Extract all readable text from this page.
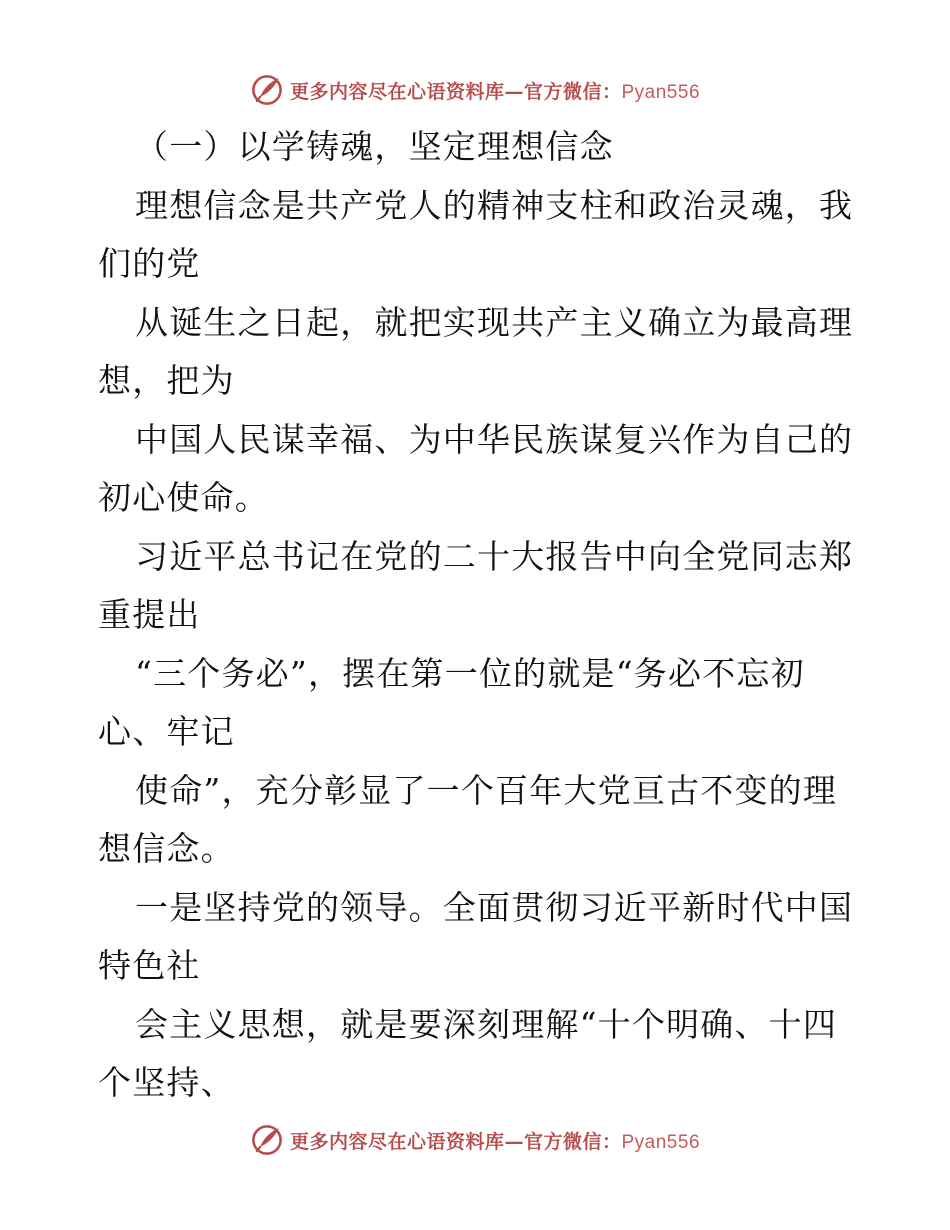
更多内容尽在心语资料库—官方微信：Pyan556
（一）以学铸魂，坚定理想信念
理想信念是共产党人的精神支柱和政治灵魂，我
们的党
从诞生之日起，就把实现共产主义确立为最高理
想，把为
中国人民谋幸福、为中华民族谋复兴作为自己的
初心使命。
习近平总书记在党的二十大报告中向全党同志郑
重提出
“三个务必”，摆在第一位的就是“务必不忘初
心、牢记
使命”，充分彰显了一个百年大党亘古不变的理
想信念。
一是坚持党的领导。全面贯彻习近平新时代中国
特色社
会主义思想，就是要深刻理解“十个明确、十四
个坚持、
更多内容尽在心语资料库—官方微信：Pyan556
